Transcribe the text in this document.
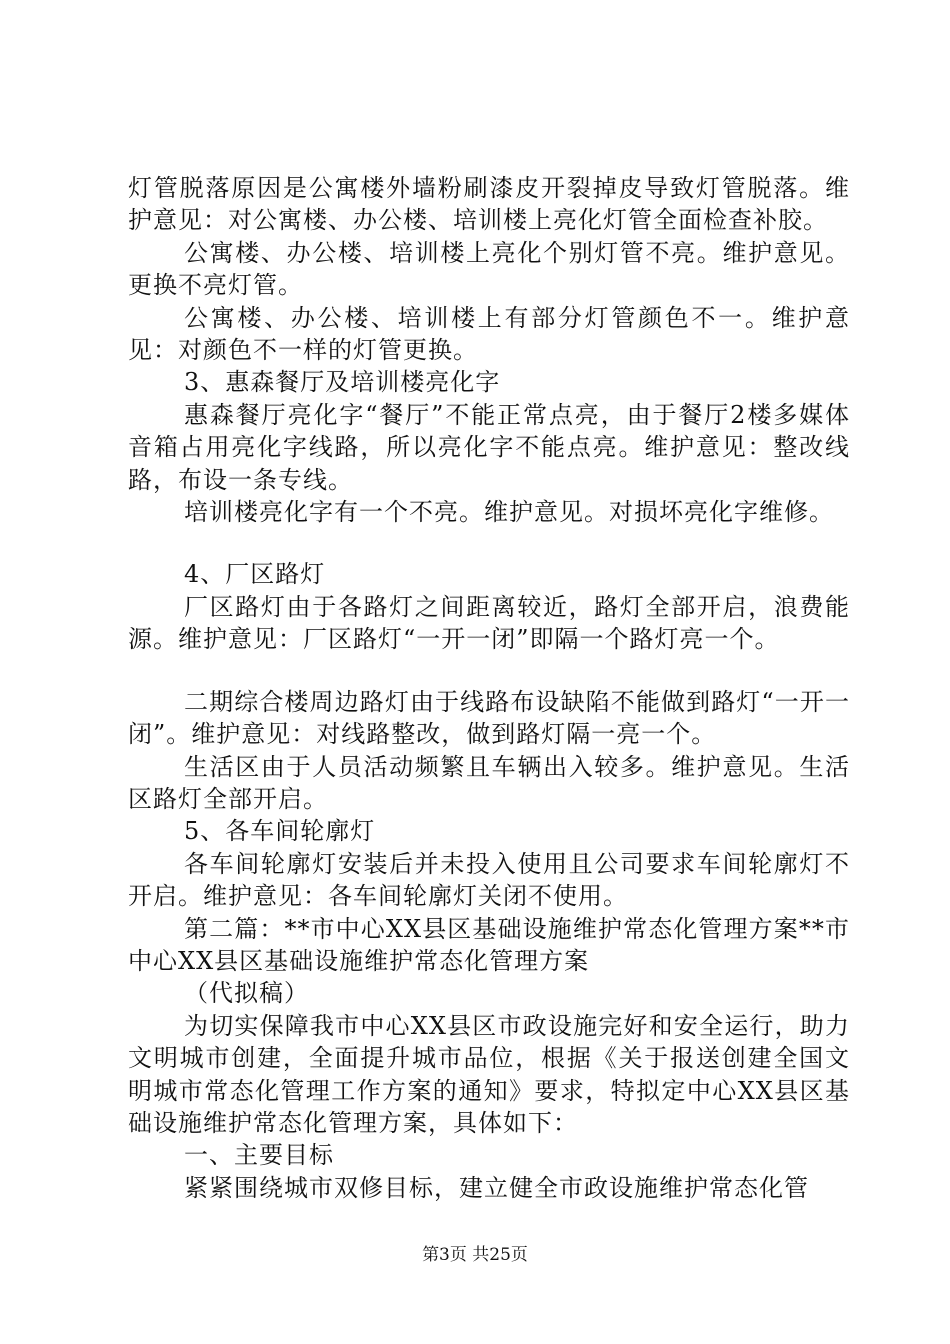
灯管脱落原因是公寓楼外墙粉刷漆皮开裂掉皮导致灯管脱落。维护意见：对公寓楼、办公楼、培训楼上亮化灯管全面检查补胶。

公寓楼、办公楼、培训楼上亮化个别灯管不亮。维护意见。更换不亮灯管。

公寓楼、办公楼、培训楼上有部分灯管颜色不一。维护意见：对颜色不一样的灯管更换。

3、惠森餐厅及培训楼亮化字

惠森餐厅亮化字“餐厅”不能正常点亮，由于餐厅2楼多媒体音箱占用亮化字线路，所以亮化字不能点亮。维护意见：整改线路，布设一条专线。

培训楼亮化字有一个不亮。维护意见。对损坏亮化字维修。

4、厂区路灯

厂区路灯由于各路灯之间距离较近，路灯全部开启，浪费能源。维护意见：厂区路灯“一开一闭”即隔一个路灯亮一个。

二期综合楼周边路灯由于线路布设缺陷不能做到路灯“一开一闭”。维护意见：对线路整改，做到路灯隔一亮一个。

生活区由于人员活动频繁且车辆出入较多。维护意见。生活区路灯全部开启。

5、各车间轮廓灯

各车间轮廓灯安装后并未投入使用且公司要求车间轮廓灯不开启。维护意见：各车间轮廓灯关闭不使用。

第二篇：**市中心XX县区基础设施维护常态化管理方案**市中心XX县区基础设施维护常态化管理方案

（代拟稿）

为切实保障我市中心XX县区市政设施完好和安全运行，助力文明城市创建，全面提升城市品位，根据《关于报送创建全国文明城市常态化管理工作方案的通知》要求，特拟定中心XX县区基础设施维护常态化管理方案，具体如下：

一、主要目标

紧紧围绕城市双修目标，建立健全市政设施维护常态化管

第3页 共25页
